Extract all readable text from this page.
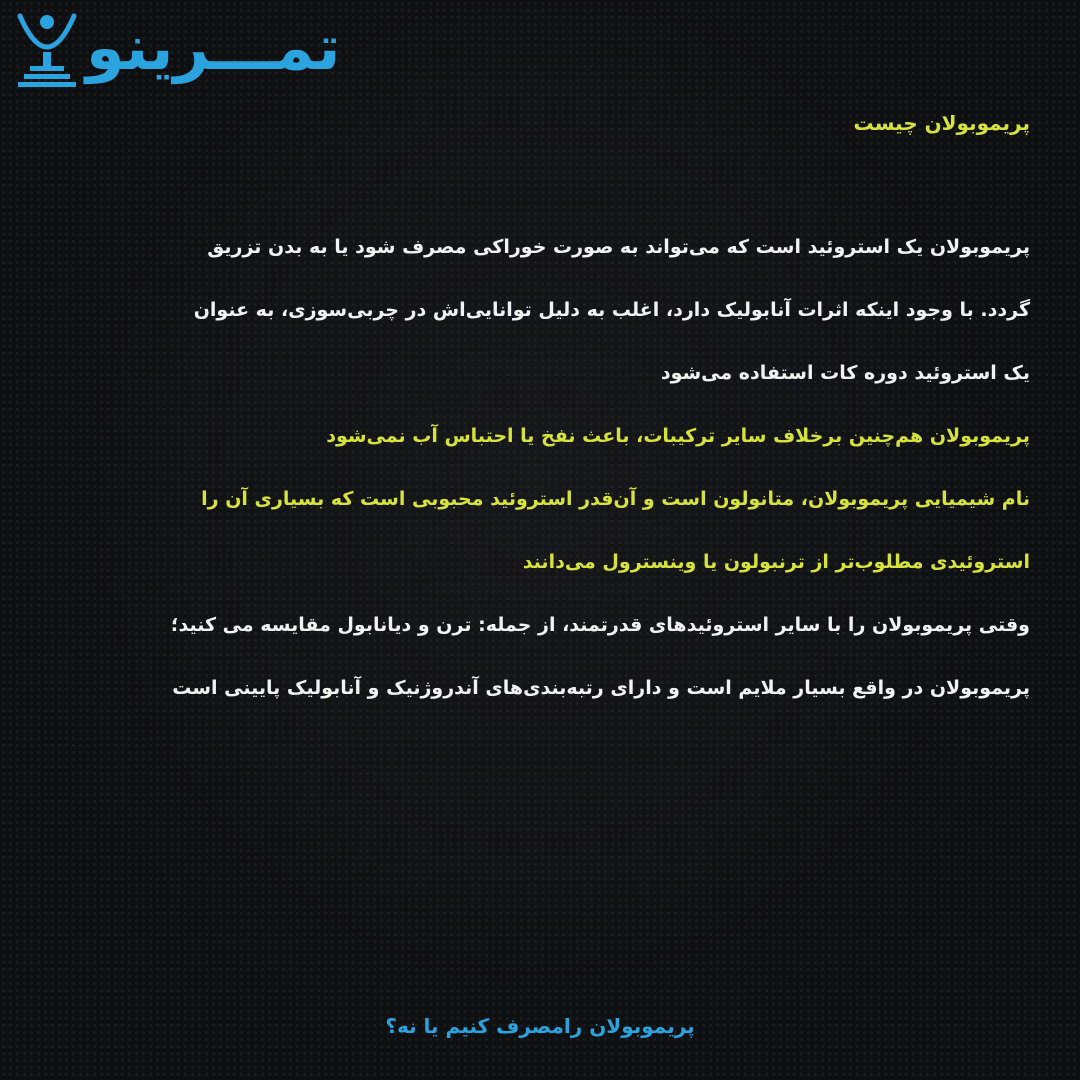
تمـــرینو
پریموبولان چیست

پریموبولان یک استروئید است که می‌تواند به صورت خوراکی مصرف شود یا به بدن تزریق

گردد. با وجود اینکه اثرات آنابولیک دارد، اغلب به دلیل توانایی‌اش در چربی‌سوزی، به عنوان

یک استروئید دوره کات استفاده می‌شود

پریموبولان هم‌چنین برخلاف سایر ترکیبات، باعث نفخ یا احتباس آب نمی‌شود

نام شیمیایی پریموبولان، متانولون است و آن‌قدر استروئید محبوبی است که بسیاری آن را

استروئیدی مطلوب‌تر از ترنبولون یا وینسترول می‌دانند

وقتی پریموبولان را با سایر استروئیدهای قدرتمند، از جمله: ترن و دیانابول مقایسه می کنید؛

پریموبولان در واقع بسیار ملایم است و دارای رتبه‌بندی‌های آندروژنیک و آنابولیک پایینی است

پریموبولان رامصرف کنیم یا نه؟
